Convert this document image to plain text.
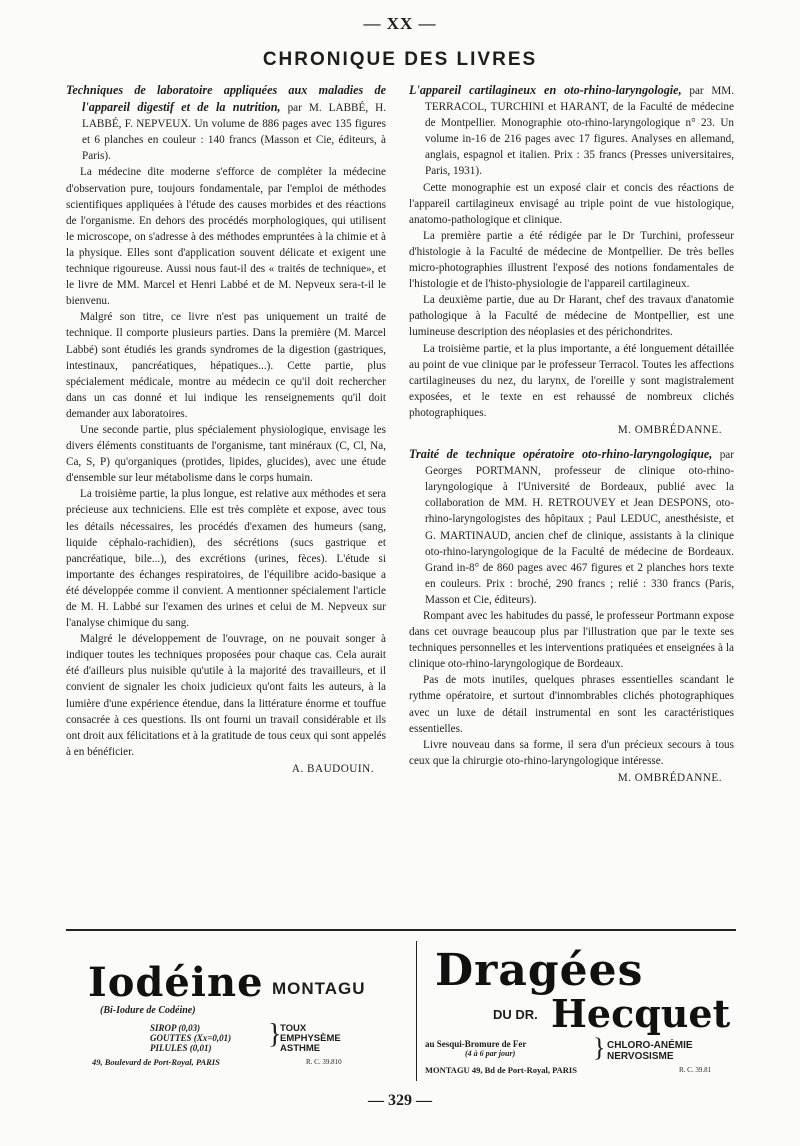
— XX —
CHRONIQUE DES LIVRES

Techniques de laboratoire appliquées aux maladies de l'appareil digestif et de la nutrition, par M. LABBÉ, H. LABBÉ, F. NEPVEUX. Un volume de 886 pages avec 135 figures et 6 planches en couleur : 140 francs (Masson et Cie, éditeurs, à Paris).

La médecine dite moderne s'efforce de compléter la médecine d'observation pure, toujours fondamentale, par l'emploi de méthodes scientifiques appliquées à l'étude des causes morbides et des réactions de l'organisme. En dehors des procédés morphologiques, qui utilisent le microscope, on s'adresse à des méthodes empruntées à la chimie et à la physique. Elles sont d'application souvent délicate et exigent une technique rigoureuse. Aussi nous faut-il des « traités de technique», et le livre de MM. Marcel et Henri Labbé et de M. Nepveux sera-t-il le bienvenu.

Malgré son titre, ce livre n'est pas uniquement un traité de technique. Il comporte plusieurs parties. Dans la première (M. Marcel Labbé) sont étudiés les grands syndromes de la digestion (gastriques, intestinaux, pancréatiques, hépatiques...). Cette partie, plus spécialement médicale, montre au médecin ce qu'il doit rechercher dans un cas donné et lui indique les renseignements qu'il doit demander aux laboratoires.

Une seconde partie, plus spécialement physiologique, envisage les divers éléments constituants de l'organisme, tant minéraux (C, Cl, Na, Ca, S, P) qu'organiques (protides, lipides, glucides), avec une étude d'ensemble sur leur métabolisme dans le corps humain.

La troisième partie, la plus longue, est relative aux méthodes et sera précieuse aux techniciens. Elle est très complète et expose, avec tous les détails nécessaires, les procédés d'examen des humeurs (sang, liquide céphalo-rachidien), des sécrétions (sucs gastrique et pancréatique, bile...), des excrétions (urines, fèces). L'étude si importante des échanges respiratoires, de l'équilibre acido-basique a été développée comme il convient. A mentionner spécialement l'article de M. H. Labbé sur l'examen des urines et celui de M. Nepveux sur l'analyse chimique du sang.

Malgré le développement de l'ouvrage, on ne pouvait songer à indiquer toutes les techniques proposées pour chaque cas. Cela aurait été d'ailleurs plus nuisible qu'utile à la majorité des travailleurs, et il convient de signaler les choix judicieux qu'ont faits les auteurs, à la lumière d'une expérience étendue, dans la littérature énorme et touffue consacrée à ces questions. Ils ont fourni un travail considérable et ils ont droit aux félicitations et à la gratitude de tous ceux qui sont appelés à en bénéficier.

A. BAUDOUIN.

L'appareil cartilagineux en oto-rhino-laryngologie, par MM. TERRACOL, TURCHINI et HARANT, de la Faculté de médecine de Montpellier. Monographie oto-rhino-laryngologique n° 23. Un volume in-16 de 216 pages avec 17 figures. Analyses en allemand, anglais, espagnol et italien. Prix : 35 francs (Presses universitaires, Paris, 1931).

Cette monographie est un exposé clair et concis des réactions de l'appareil cartilagineux envisagé au triple point de vue histologique, anatomo-pathologique et clinique.

La première partie a été rédigée par le Dr Turchini, professeur d'histologie à la Faculté de médecine de Montpellier. De très belles micro-photographies illustrent l'exposé des notions fondamentales de l'histologie et de l'histo-physiologie de l'appareil cartilagineux.

La deuxième partie, due au Dr Harant, chef des travaux d'anatomie pathologique à la Faculté de médecine de Montpellier, est une lumineuse description des néoplasies et des périchondrites.

La troisième partie, et la plus importante, a été longuement détaillée au point de vue clinique par le professeur Terracol. Toutes les affections cartilagineuses du nez, du larynx, de l'oreille y sont magistralement exposées, et le texte en est rehaussé de nombreux clichés photographiques.

M. OMBRÉDANNE.

Traité de technique opératoire oto-rhino-laryngologique, par Georges PORTMANN, professeur de clinique oto-rhino-laryngologique à l'Université de Bordeaux, publié avec la collaboration de MM. H. RETROUVEY et Jean DESPONS, oto-rhino-laryngologistes des hôpitaux ; Paul LEDUC, anesthésiste, et G. MARTINAUD, ancien chef de clinique, assistants à la clinique oto-rhino-laryngologique de la Faculté de médecine de Bordeaux. Grand in-8° de 860 pages avec 467 figures et 2 planches hors texte en couleurs. Prix : broché, 290 francs ; relié : 330 francs (Paris, Masson et Cie, éditeurs).

Rompant avec les habitudes du passé, le professeur Portmann expose dans cet ouvrage beaucoup plus par l'illustration que par le texte ses techniques personnelles et les interventions pratiquées et enseignées à la clinique oto-rhino-laryngologique de Bordeaux.

Pas de mots inutiles, quelques phrases essentielles scandant le rythme opératoire, et surtout d'innombrables clichés photographiques avec un luxe de détail instrumental en sont les caractéristiques essentielles.

Livre nouveau dans sa forme, il sera d'un précieux secours à tous ceux que la chirurgie oto-rhino-laryngologique intéresse.

M. OMBRÉDANNE.
Iodéine MONTAGU
(Bi-Iodure de Codéine)
SIROP (0,03)
GOUTTES (Xx=0,01)
PILULES (0,01)	}
TOUX
EMPHYSÈME
ASTHME
49, Boulevard de Port-Royal, PARIS	R. C. 39.810
Dragées
DU DR. Hecquet
au Sesqui-Bromure de Fer
(4 à 6 par jour)	} CHLORO-ANÉMIE
NERVOSISME
MONTAGU 49, Bd de Port-Royal, PARIS	R. C. 39.81
— 329 —
